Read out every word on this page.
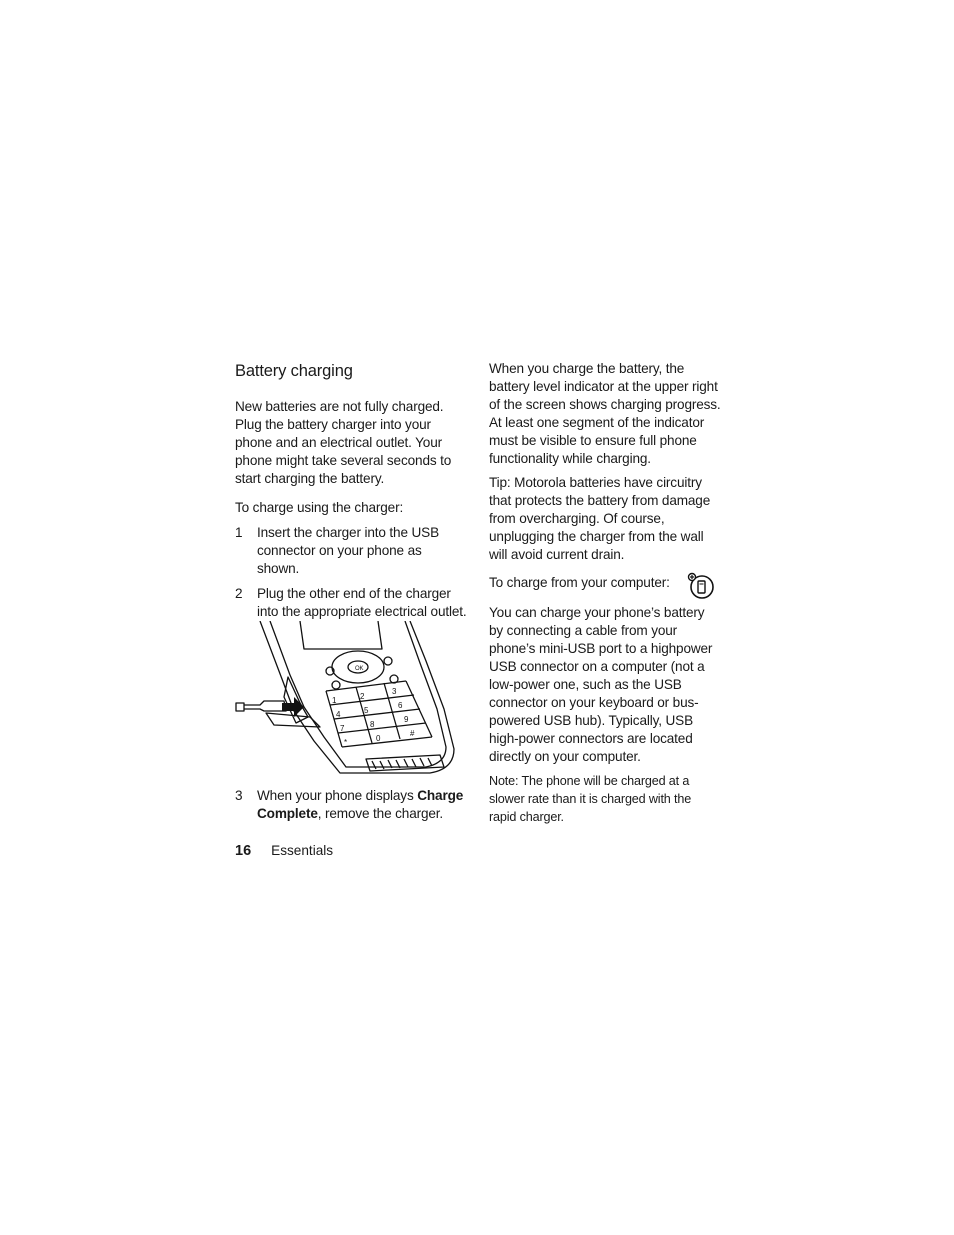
Battery charging

New batteries are not fully charged. Plug the battery charger into your phone and an electrical outlet. Your phone might take several seconds to start charging the battery.

To charge using the charger:

1	Insert the charger into the USB connector on your phone as shown.
2	Plug the other end of the charger into the appropriate electrical outlet.
OK
1	2
3
4	5
6
7	8
9
0
*
#
3	When your phone displays Charge Complete, remove the charger.

When you charge the battery, the battery level indicator at the upper right of the screen shows charging progress. At least one segment of the indicator must be visible to ensure full phone functionality while charging.

Tip: Motorola batteries have circuitry that protects the battery from damage from overcharging. Of course, unplugging the charger from the wall will avoid current drain.

To charge from your computer:

You can charge your phone’s battery by connecting a cable from your phone’s mini-USB port to a highpower USB connector on a computer (not a low-power one, such as the USB connector on your keyboard or bus-powered USB hub). Typically, USB high-power connectors are located directly on your computer.

Note: The phone will be charged at a slower rate than it is charged with the rapid charger.

16 Essentials
